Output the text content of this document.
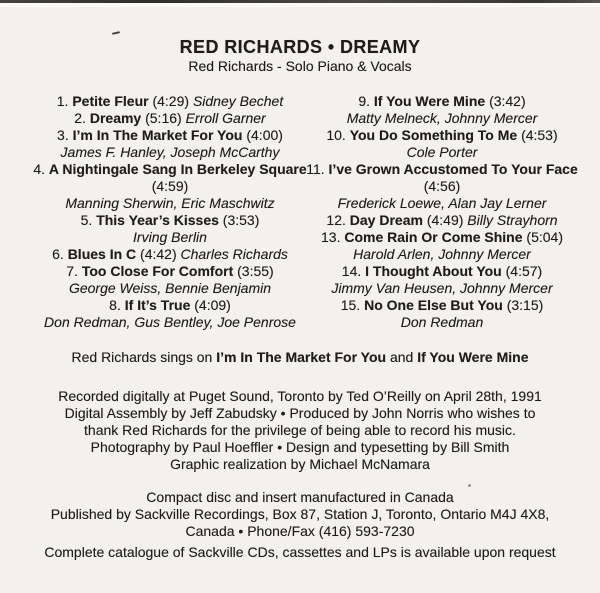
RED RICHARDS • DREAMY
Red Richards - Solo Piano & Vocals
1. Petite Fleur (4:29) Sidney Bechet
2. Dreamy (5:16) Erroll Garner
3. I’m In The Market For You (4:00)
James F. Hanley, Joseph McCarthy
4. A Nightingale Sang In Berkeley Square (4:59)
Manning Sherwin, Eric Maschwitz
5. This Year’s Kisses (3:53)
Irving Berlin
6. Blues In C (4:42) Charles Richards
7. Too Close For Comfort (3:55)
George Weiss, Bennie Benjamin
8. If It’s True (4:09)
Don Redman, Gus Bentley, Joe Penrose
9. If You Were Mine (3:42)
Matty Melneck, Johnny Mercer
10. You Do Something To Me (4:53)
Cole Porter
11. I’ve Grown Accustomed To Your Face (4:56)
Frederick Loewe, Alan Jay Lerner
12. Day Dream (4:49) Billy Strayhorn
13. Come Rain Or Come Shine (5:04)
Harold Arlen, Johnny Mercer
14. I Thought About You (4:57)
Jimmy Van Heusen, Johnny Mercer
15. No One Else But You (3:15)
Don Redman
Red Richards sings on I’m In The Market For You and If You Were Mine
Recorded digitally at Puget Sound, Toronto by Ted O’Reilly on April 28th, 1991
Digital Assembly by Jeff Zabudsky • Produced by John Norris who wishes to
thank Red Richards for the privilege of being able to record his music.
Photography by Paul Hoeffler • Design and typesetting by Bill Smith
Graphic realization by Michael McNamara
Compact disc and insert manufactured in Canada
Published by Sackville Recordings, Box 87, Station J, Toronto, Ontario M4J 4X8,
Canada • Phone/Fax (416) 593-7230
Complete catalogue of Sackville CDs, cassettes and LPs is available upon request
